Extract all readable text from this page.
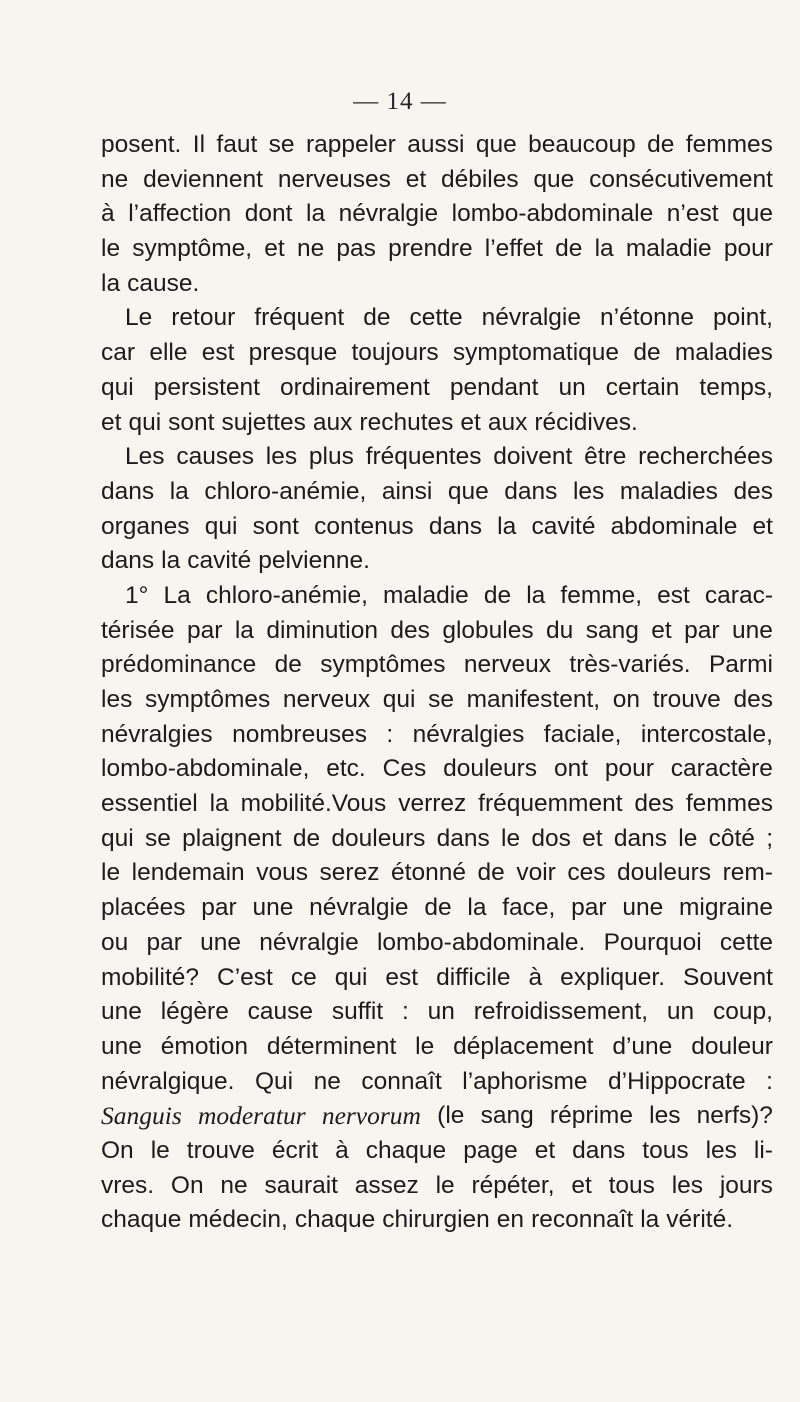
— 14 —
posent. Il faut se rappeler aussi que beaucoup de femmes
ne deviennent nerveuses et débiles que consécutivement
à l’affection dont la névralgie lombo-abdominale n’est que
le symptôme, et ne pas prendre l’effet de la maladie pour
la cause.
Le retour fréquent de cette névralgie n’étonne point,
car elle est presque toujours symptomatique de maladies
qui persistent ordinairement pendant un certain temps,
et qui sont sujettes aux rechutes et aux récidives.
Les causes les plus fréquentes doivent être recherchées
dans la chloro-anémie, ainsi que dans les maladies des
organes qui sont contenus dans la cavité abdominale et
dans la cavité pelvienne.
1° La chloro-anémie, maladie de la femme, est carac-
térisée par la diminution des globules du sang et par une
prédominance de symptômes nerveux très-variés. Parmi
les symptômes nerveux qui se manifestent, on trouve des
névralgies nombreuses : névralgies faciale, intercostale,
lombo-abdominale, etc. Ces douleurs ont pour caractère
essentiel la mobilité.Vous verrez fréquemment des femmes
qui se plaignent de douleurs dans le dos et dans le côté ;
le lendemain vous serez étonné de voir ces douleurs rem-
placées par une névralgie de la face, par une migraine
ou par une névralgie lombo-abdominale. Pourquoi cette
mobilité? C’est ce qui est difficile à expliquer. Souvent
une légère cause suffit : un refroidissement, un coup,
une émotion déterminent le déplacement d’une douleur
névralgique. Qui ne connaît l’aphorisme d’Hippocrate :
Sanguis moderatur nervorum (le sang réprime les nerfs)?
On le trouve écrit à chaque page et dans tous les li-
vres. On ne saurait assez le répéter, et tous les jours
chaque médecin, chaque chirurgien en reconnaît la vérité.
